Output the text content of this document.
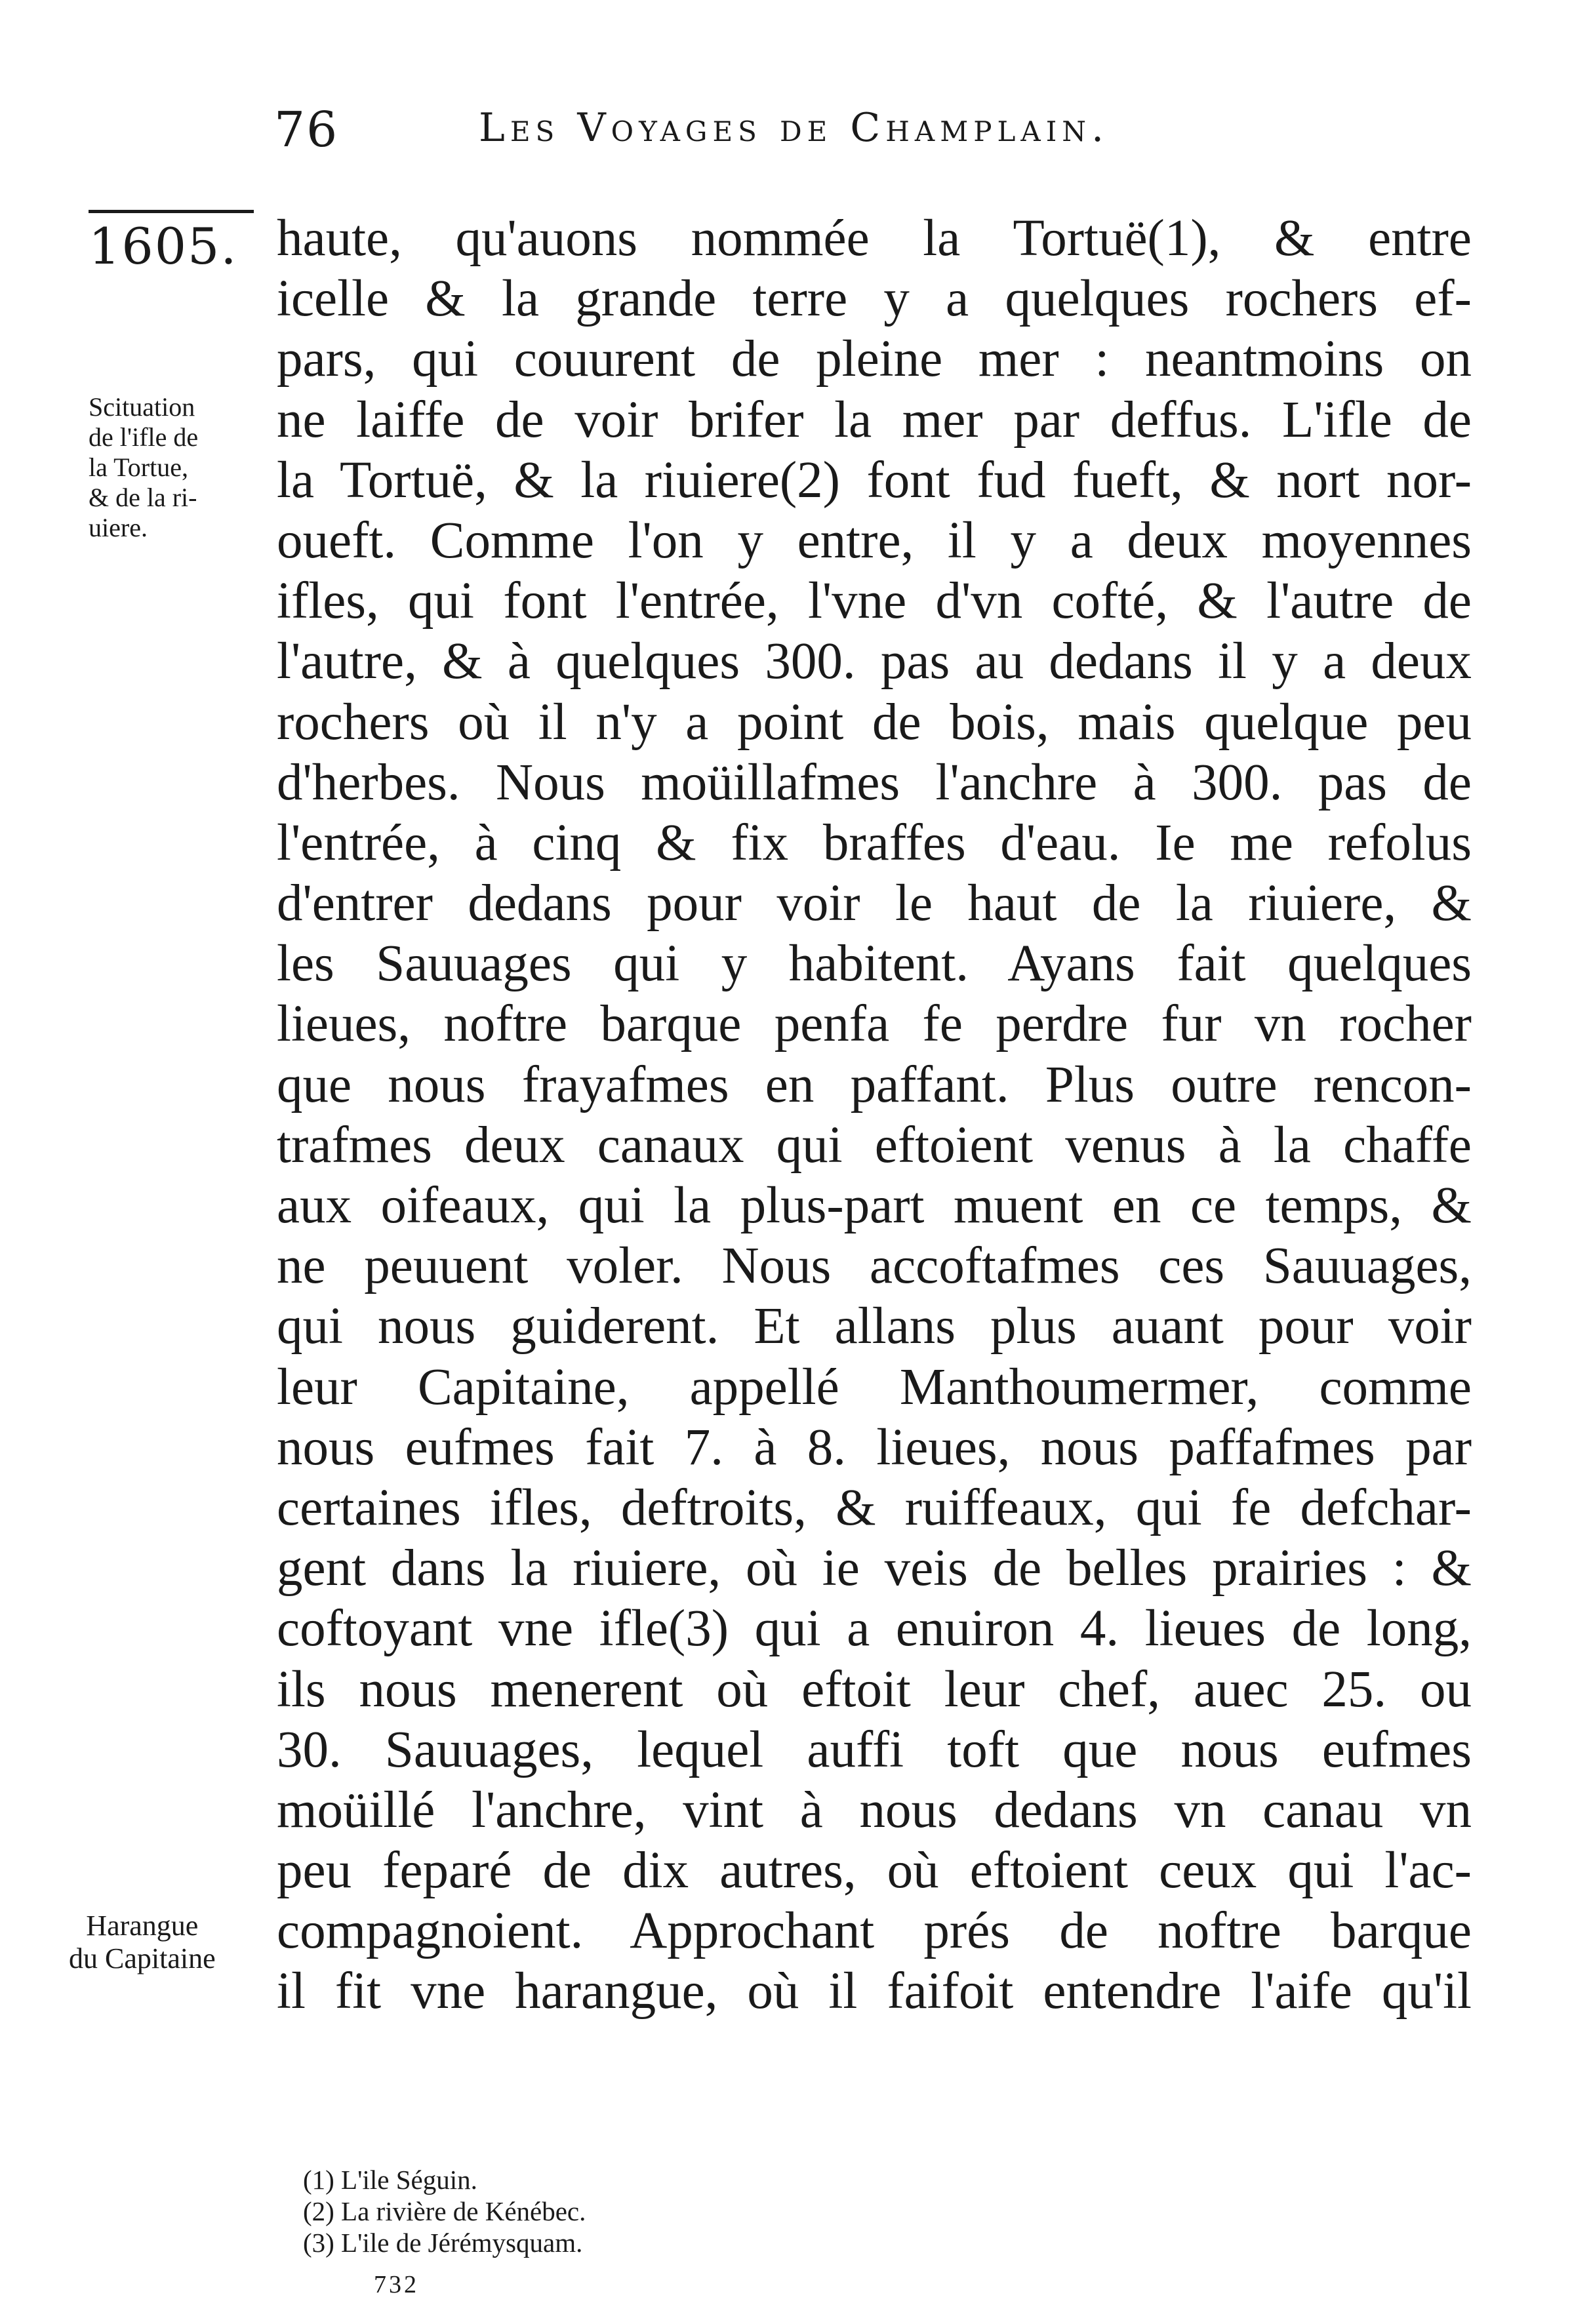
76	Les Voyages de Champlain.
1605.
Scituation
de l'ifle de
la Tortue,
& de la ri-
uiere.
Harangue
du Capitaine
haute, qu'auons nommée la Tortuë(1), & entre
icelle & la grande terre y a quelques rochers ef-
pars, qui couurent de pleine mer : neantmoins on
ne laiffe de voir brifer la mer par deffus. L'ifle de
la Tortuë, & la riuiere(2) font fud fueft, & nort nor-
oueft. Comme l'on y entre, il y a deux moyennes
ifles, qui font l'entrée, l'vne d'vn cofté, & l'autre de
l'autre, & à quelques 300. pas au dedans il y a deux
rochers où il n'y a point de bois, mais quelque peu
d'herbes. Nous moüillafmes l'anchre à 300. pas de
l'entrée, à cinq & fix braffes d'eau. Ie me refolus
d'entrer dedans pour voir le haut de la riuiere, &
les Sauuages qui y habitent. Ayans fait quelques
lieues, noftre barque penfa fe perdre fur vn rocher
que nous frayafmes en paffant. Plus outre rencon-
trafmes deux canaux qui eftoient venus à la chaffe
aux oifeaux, qui la plus-part muent en ce temps, &
ne peuuent voler. Nous accoftafmes ces Sauuages,
qui nous guiderent. Et allans plus auant pour voir
leur Capitaine, appellé Manthoumermer, comme
nous eufmes fait 7. à 8. lieues, nous paffafmes par
certaines ifles, deftroits, & ruiffeaux, qui fe defchar-
gent dans la riuiere, où ie veis de belles prairies : &
coftoyant vne ifle(3) qui a enuiron 4. lieues de long,
ils nous menerent où eftoit leur chef, auec 25. ou
30. Sauuages, lequel auffi toft que nous eufmes
moüillé l'anchre, vint à nous dedans vn canau vn
peu feparé de dix autres, où eftoient ceux qui l'ac-
compagnoient. Approchant prés de noftre barque
il fit vne harangue, où il faifoit entendre l'aife qu'il
(1) L'ile Séguin.
(2) La rivière de Kénébec.
(3) L'ile de Jérémysquam.
732
